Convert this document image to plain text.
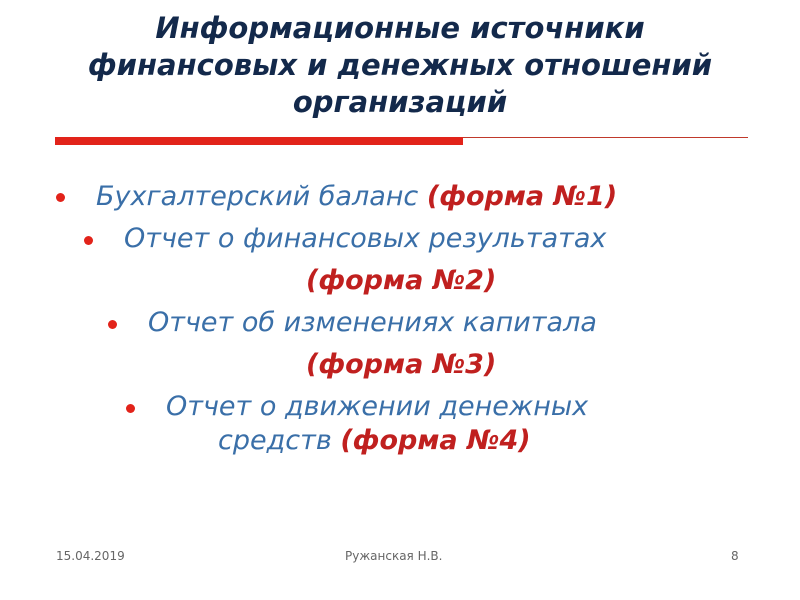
Информационные источники
финансовых и денежных отношений
организаций
Бухгалтерский баланс (форма №1)
Отчет о финансовых результатах
(форма №2)
Отчет об изменениях капитала
(форма №3)
Отчет о движении денежных
средств (форма №4)
15.04.2019	Ружанская Н.В.	8
